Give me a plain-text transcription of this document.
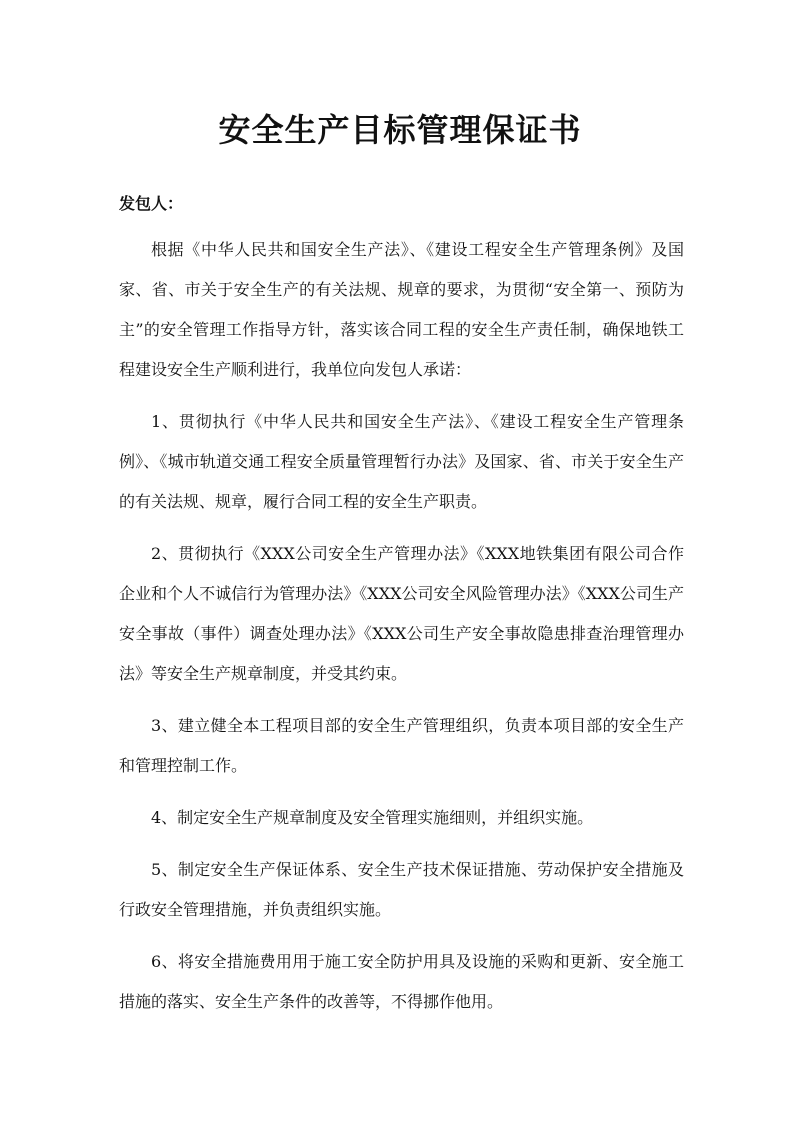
安全生产目标管理保证书
发包人：

根据《中华人民共和国安全生产法》、《建设工程安全生产管理条例》及国家、省、市关于安全生产的有关法规、规章的要求，为贯彻“安全第一、预防为主”的安全管理工作指导方针，落实该合同工程的安全生产责任制，确保地铁工程建设安全生产顺利进行，我单位向发包人承诺：

1、贯彻执行《中华人民共和国安全生产法》、《建设工程安全生产管理条例》、《城市轨道交通工程安全质量管理暂行办法》及国家、省、市关于安全生产的有关法规、规章，履行合同工程的安全生产职责。

2、贯彻执行《XXX公司安全生产管理办法》《XXX地铁集团有限公司合作企业和个人不诚信行为管理办法》《XXX公司安全风险管理办法》《XXX公司生产安全事故（事件）调查处理办法》《XXX公司生产安全事故隐患排查治理管理办法》等安全生产规章制度，并受其约束。

3、建立健全本工程项目部的安全生产管理组织，负责本项目部的安全生产和管理控制工作。

4、制定安全生产规章制度及安全管理实施细则，并组织实施。

5、制定安全生产保证体系、安全生产技术保证措施、劳动保护安全措施及行政安全管理措施，并负责组织实施。

6、将安全措施费用用于施工安全防护用具及设施的采购和更新、安全施工措施的落实、安全生产条件的改善等，不得挪作他用。
